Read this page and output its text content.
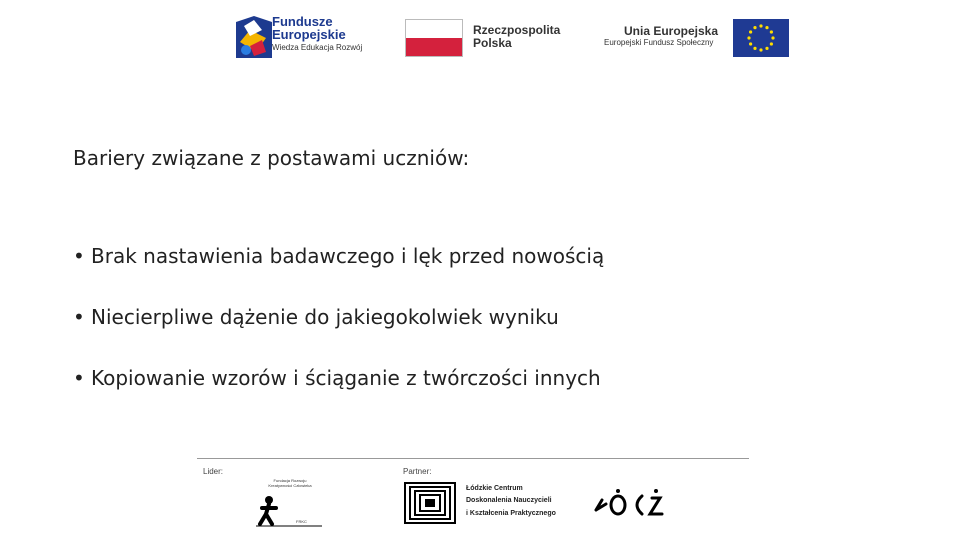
Fundusze
Europejskie
Wiedza Edukacja Rozwój
Rzeczpospolita
Polska
Unia Europejska
Europejski Fundusz Społeczny
Bariery związane z postawami uczniów:
• Brak nastawienia badawczego i lęk przed nowością
• Niecierpliwe dążenie do jakiegokolwiek wyniku
• Kopiowanie wzorów i ściąganie z twórczości innych
Lider:	Partner:
Fundacja Rozwoju Kreatywności Człowieka
FRKC
Łódzkie Centrum
Doskonalenia Nauczycieli
i Kształcenia Praktycznego
